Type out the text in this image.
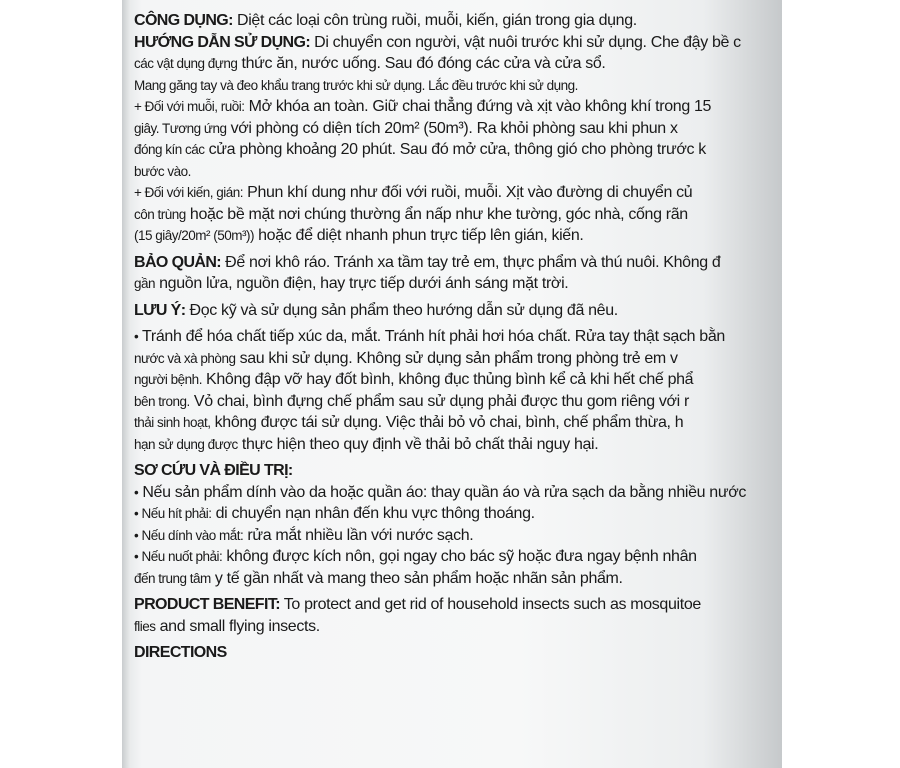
CÔNG DỤNG: Diệt các loại côn trùng ruồi, muỗi, kiến, gián trong gia dụng.
HƯỚNG DẪN SỬ DỤNG: Di chuyển con người, vật nuôi trước khi sử dụng. Che đậy bề c
các vật dụng đựng thức ăn, nước uống. Sau đó đóng các cửa và cửa sổ.
Mang găng tay và đeo khẩu trang trước khi sử dụng. Lắc đều trước khi sử dụng.
+ Đối với muỗi, ruồi: Mở khóa an toàn. Giữ chai thẳng đứng và xịt vào không khí trong 15
giây. Tương ứng với phòng có diện tích 20m² (50m³). Ra khỏi phòng sau khi phun x
đóng kín các cửa phòng khoảng 20 phút. Sau đó mở cửa, thông gió cho phòng trước k
bước vào.
+ Đối với kiến, gián: Phun khí dung như đối với ruồi, muỗi. Xịt vào đường di chuyển củ
côn trùng hoặc bề mặt nơi chúng thường ẩn nấp như khe tường, góc nhà, cống rãn
(15 giây/20m² (50m³)) hoặc để diệt nhanh phun trực tiếp lên gián, kiến.
BẢO QUẢN: Để nơi khô ráo. Tránh xa tầm tay trẻ em, thực phẩm và thú nuôi. Không đ
gần nguồn lửa, nguồn điện, hay trực tiếp dưới ánh sáng mặt trời.
LƯU Ý: Đọc kỹ và sử dụng sản phẩm theo hướng dẫn sử dụng đã nêu.
• Tránh để hóa chất tiếp xúc da, mắt. Tránh hít phải hơi hóa chất. Rửa tay thật sạch bằn
nước và xà phòng sau khi sử dụng. Không sử dụng sản phẩm trong phòng trẻ em v
người bệnh. Không đập vỡ hay đốt bình, không đục thủng bình kể cả khi hết chế phẩ
bên trong. Vỏ chai, bình đựng chế phẩm sau sử dụng phải được thu gom riêng với r
thải sinh hoạt, không được tái sử dụng. Việc thải bỏ vỏ chai, bình, chế phẩm thừa, h
hạn sử dụng được thực hiện theo quy định về thải bỏ chất thải nguy hại.
SƠ CỨU VÀ ĐIỀU TRỊ:
• Nếu sản phẩm dính vào da hoặc quần áo: thay quần áo và rửa sạch da bằng nhiều nước
• Nếu hít phải: di chuyển nạn nhân đến khu vực thông thoáng.
• Nếu dính vào mắt: rửa mắt nhiều lần với nước sạch.
• Nếu nuốt phải: không được kích nôn, gọi ngay cho bác sỹ hoặc đưa ngay bệnh nhân
đến trung tâm y tế gần nhất và mang theo sản phẩm hoặc nhãn sản phẩm.
PRODUCT BENEFIT: To protect and get rid of household insects such as mosquitoe
flies and small flying insects.
DIRECTIONS
